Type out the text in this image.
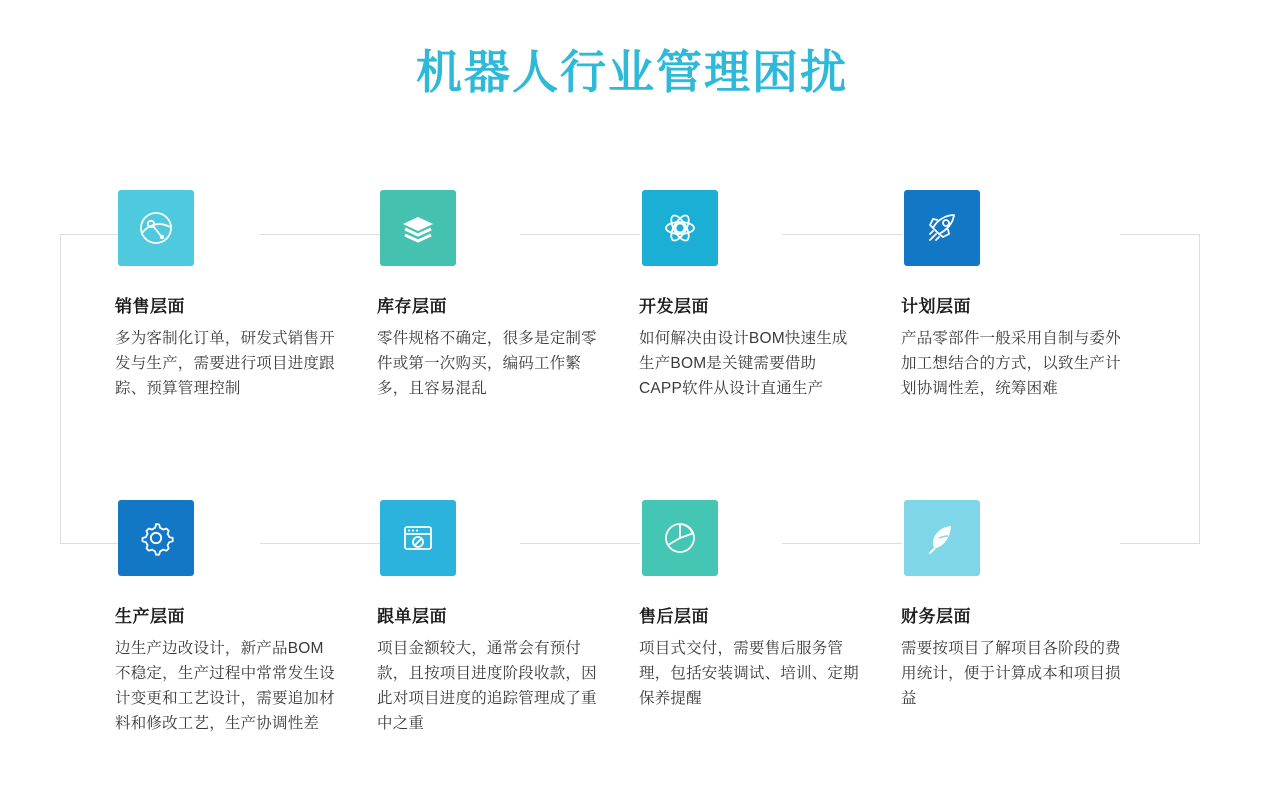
机器人行业管理困扰
销售层面
多为客制化订单，研发式销售开发与生产，需要进行项目进度跟踪、预算管理控制
库存层面
零件规格不确定，很多是定制零件或第一次购买，编码工作繁多，且容易混乱
开发层面
如何解决由设计BOM快速生成生产BOM是关键需要借助CAPP软件从设计直通生产
计划层面
产品零部件一般采用自制与委外加工想结合的方式，以致生产计划协调性差，统筹困难
生产层面
边生产边改设计，新产品BOM不稳定，生产过程中常常发生设计变更和工艺设计，需要追加材料和修改工艺，生产协调性差
跟单层面
项目金额较大，通常会有预付款，且按项目进度阶段收款，因此对项目进度的追踪管理成了重中之重
售后层面
项目式交付，需要售后服务管理，包括安装调试、培训、定期保养提醒
财务层面
需要按项目了解项目各阶段的费用统计，便于计算成本和项目损益
